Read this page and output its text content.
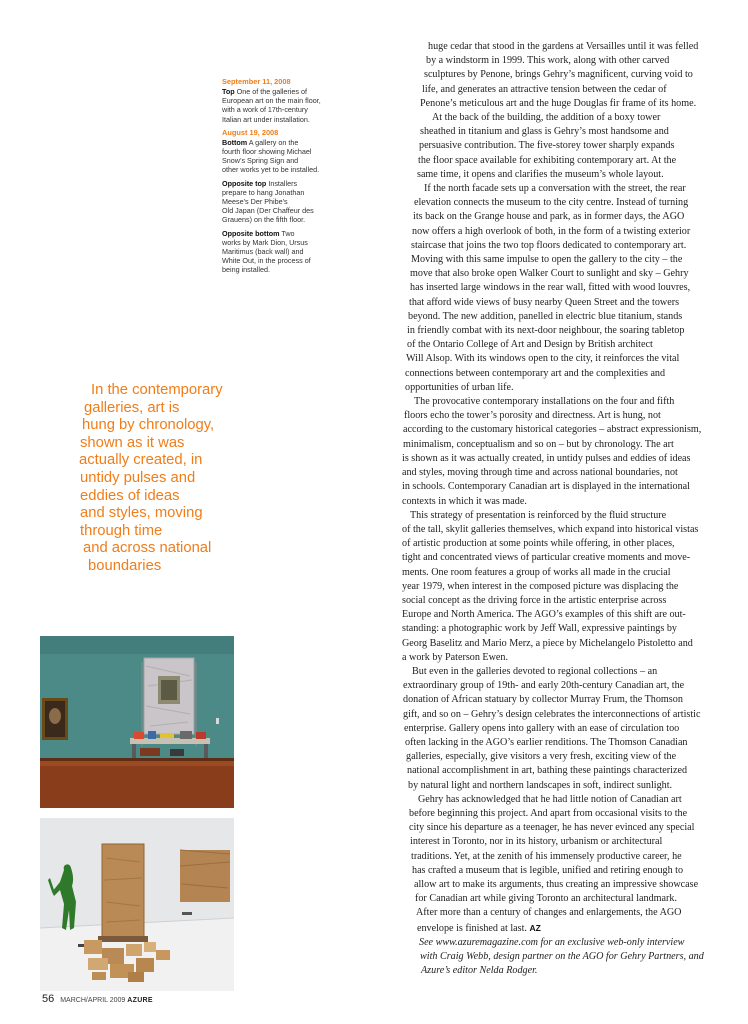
September 11, 2008
Top One of the galleries of
European art on the main floor,
with a work of 17th-century
Italian art under installation.
August 19, 2008
Bottom A gallery on the
fourth floor showing Michael
Snow’s Spring Sign and
other works yet to be installed.
Opposite top Installers
prepare to hang Jonathan
Meese’s Der Phibe’s
Old Japan (Der Chaffeur des
Grauens) on the fifth floor.
Opposite bottom Two
works by Mark Dion, Ursus
Maritimus (back wall) and
White Out, in the process of
being installed.
In the contemporary
galleries, art is
hung by chronology,
shown as it was
actually created, in
untidy pulses and
eddies of ideas
and styles, moving
through time
and across national
boundaries

huge cedar that stood in the gardens at Versailles until it was felled
by a windstorm in 1999. This work, along with other carved
sculptures by Penone, brings Gehry’s magnificent, curving void to
life, and generates an attractive tension between the cedar of
Penone’s meticulous art and the huge Douglas fir frame of its home.

At the back of the building, the addition of a boxy tower
sheathed in titanium and glass is Gehry’s most handsome and
persuasive contribution. The five-storey tower sharply expands
the floor space available for exhibiting contemporary art. At the
same time, it opens and clarifies the museum’s whole layout.

If the north facade sets up a conversation with the street, the rear
elevation connects the museum to the city centre. Instead of turning
its back on the Grange house and park, as in former days, the AGO
now offers a high overlook of both, in the form of a twisting exterior
staircase that joins the two top floors dedicated to contemporary art.
Moving with this same impulse to open the gallery to the city – the
move that also broke open Walker Court to sunlight and sky – Gehry
has inserted large windows in the rear wall, fitted with wood louvres,
that afford wide views of busy nearby Queen Street and the towers
beyond. The new addition, panelled in electric blue titanium, stands
in friendly combat with its next-door neighbour, the soaring tabletop
of the Ontario College of Art and Design by British architect
Will Alsop. With its windows open to the city, it reinforces the vital
connections between contemporary art and the complexities and
opportunities of urban life.

The provocative contemporary installations on the four and fifth
floors echo the tower’s porosity and directness. Art is hung, not
according to the customary historical categories – abstract expressionism,
minimalism, conceptualism and so on – but by chronology. The art
is shown as it was actually created, in untidy pulses and eddies of ideas
and styles, moving through time and across national boundaries, not
in schools. Contemporary Canadian art is displayed in the international
contexts in which it was made.

This strategy of presentation is reinforced by the fluid structure
of the tall, skylit galleries themselves, which expand into historical vistas
of artistic production at some points while offering, in other places,
tight and concentrated views of particular creative moments and move-
ments. One room features a group of works all made in the crucial
year 1979, when interest in the composed picture was displacing the
social concept as the driving force in the artistic enterprise across
Europe and North America. The AGO’s examples of this shift are out-
standing: a photographic work by Jeff Wall, expressive paintings by
Georg Baselitz and Mario Merz, a piece by Michelangelo Pistoletto and
a work by Paterson Ewen.

But even in the galleries devoted to regional collections – an
extraordinary group of 19th- and early 20th-century Canadian art, the
donation of African statuary by collector Murray Frum, the Thomson
gift, and so on – Gehry’s design celebrates the interconnections of artistic
enterprise. Gallery opens into gallery with an ease of circulation too
often lacking in the AGO’s earlier renditions. The Thomson Canadian
galleries, especially, give visitors a very fresh, exciting view of the
national accomplishment in art, bathing these paintings characterized
by natural light and northern landscapes in soft, indirect sunlight.

Gehry has acknowledged that he had little notion of Canadian art
before beginning this project. And apart from occasional visits to the
city since his departure as a teenager, he has never evinced any special
interest in Toronto, nor in its history, urbanism or architectural
traditions. Yet, at the zenith of his immensely productive career, he
has crafted a museum that is legible, unified and retiring enough to
allow art to make its arguments, thus creating an impressive showcase
for Canadian art while giving Toronto an architectural landmark.
After more than a century of changes and enlargements, the AGO
envelope is finished at last. AZ

See www.azuremagazine.com for an exclusive web-only interview
with Craig Webb, design partner on the AGO for Gehry Partners, and
Azure’s editor Nelda Rodger.
56 MARCH/APRIL 2009 AZURE
